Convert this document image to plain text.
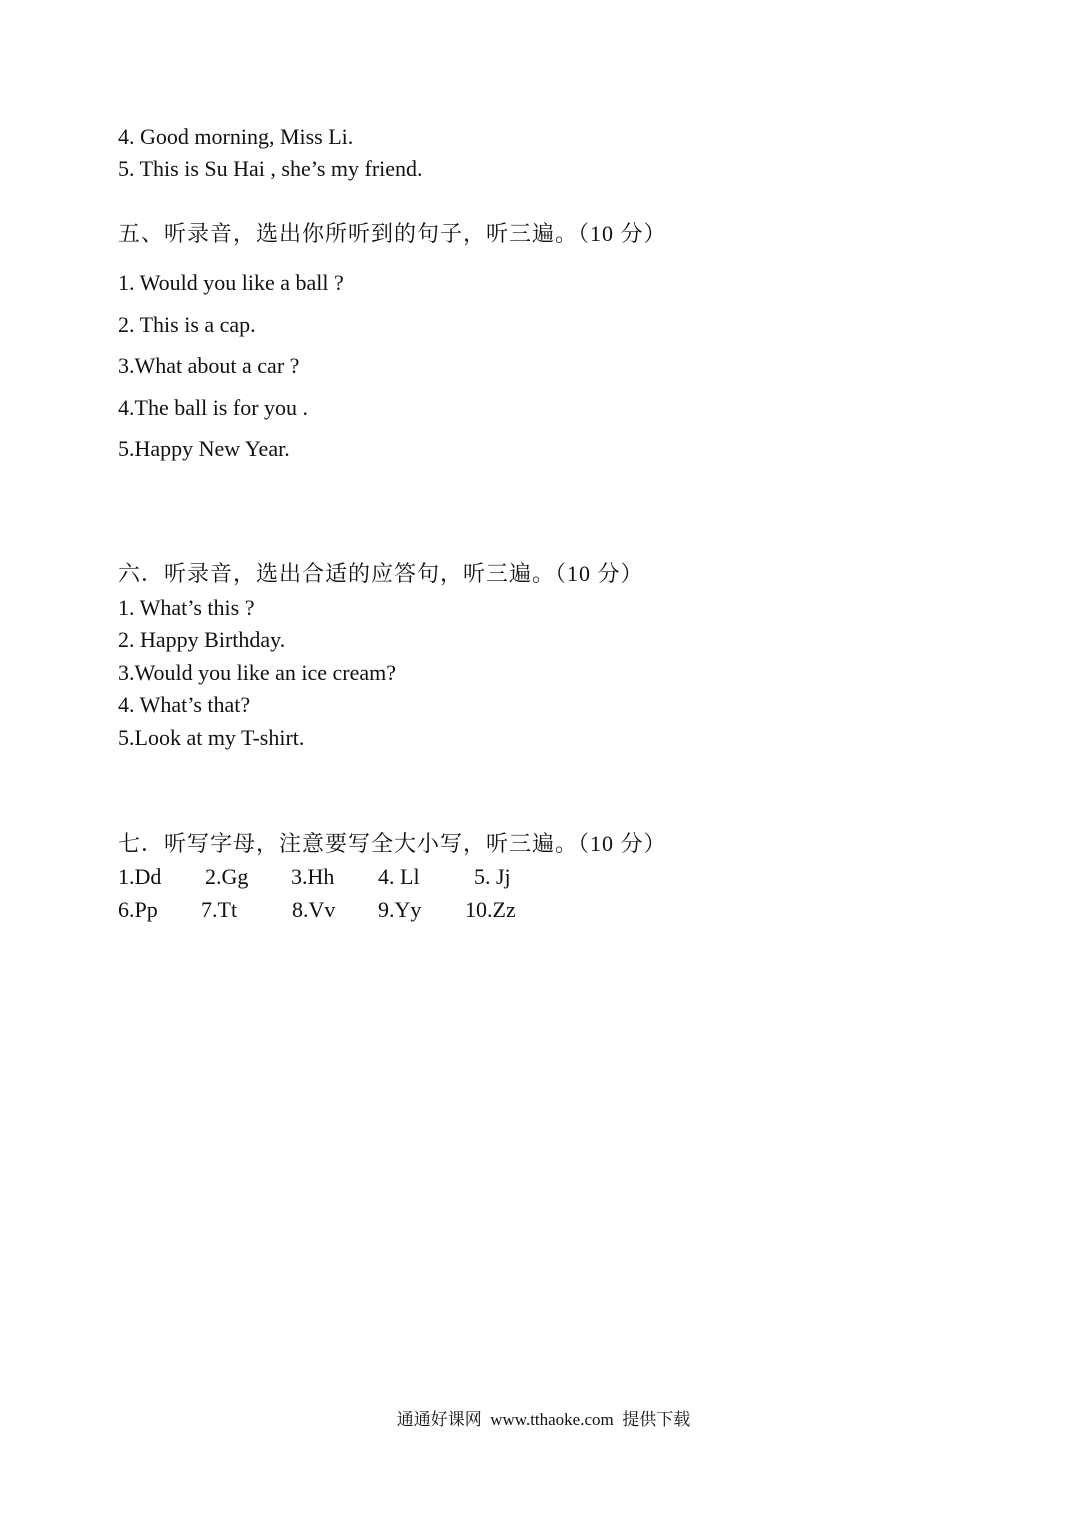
4. Good morning, Miss Li.
5. This is Su Hai , she’s my friend.
五、听录音，选出你所听到的句子，听三遍。（10 分）
1. Would you like a ball ?
2. This is a cap.
3.What about a car ?
4.The ball is for you .
5.Happy New Year.
六．听录音，选出合适的应答句，听三遍。（10 分）
1. What’s this ?
2. Happy Birthday.
3.Would you like an ice cream?
4. What’s that?
5.Look at my T-shirt.
七．听写字母，注意要写全大小写，听三遍。（10 分）
1.Dd 2.Gg 3.Hh 4. Ll 5. Jj
6.Pp 7.Tt 8.Vv 9.Yy 10.Zz
通通好课网  www.tthaoke.com  提供下载
